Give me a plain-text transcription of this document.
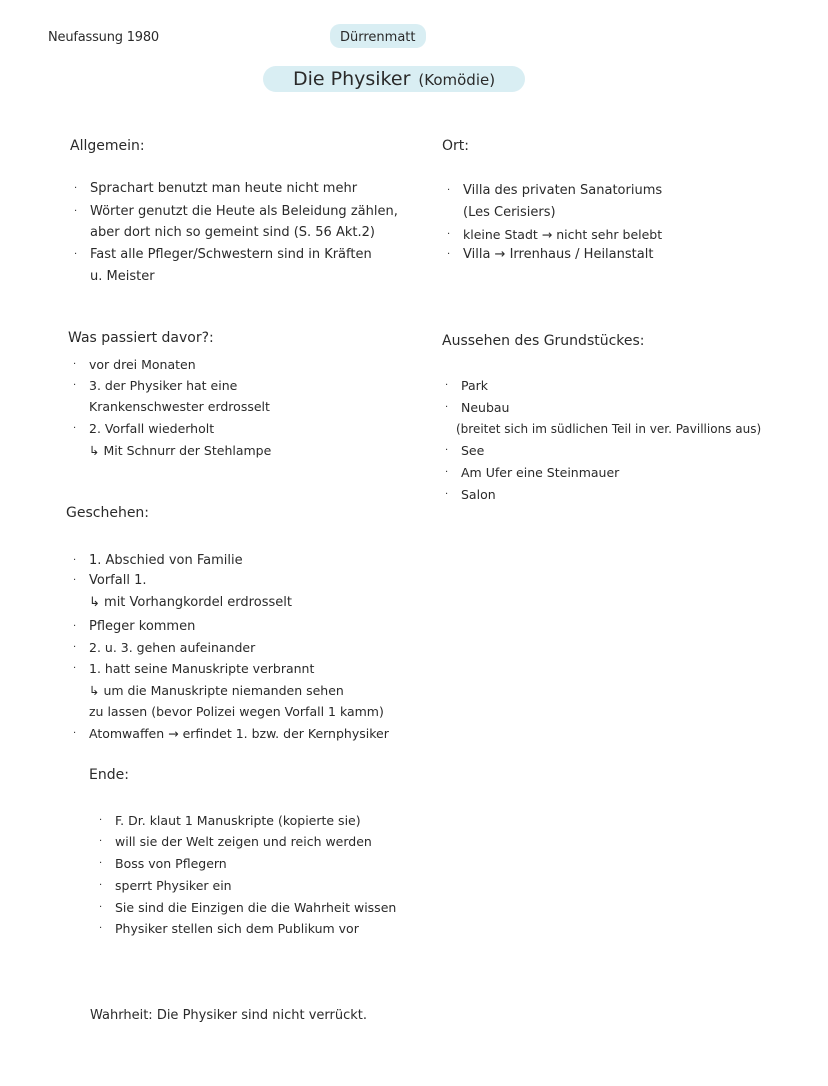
Neufassung 1980	Dürrenmatt
Die Physiker (Komödie)
Allgemein:
· Sprachart benutzt man heute nicht mehr
· Wörter genutzt die Heute als Beleidung zählen,
aber dort nich so gemeint sind (S. 56 Akt.2)
· Fast alle Pfleger/Schwestern sind in Kräften
u. Meister
Ort:
· Villa des privaten Sanatoriums
(Les Cerisiers)
· kleine Stadt → nicht sehr belebt
· Villa → Irrenhaus / Heilanstalt
Was passiert davor?:
· vor drei Monaten
· 3. der Physiker hat eine
Krankenschwester erdrosselt
· 2. Vorfall wiederholt
↳ Mit Schnurr der Stehlampe
Aussehen des Grundstückes:
· Park
· Neubau
(breitet sich im südlichen Teil in ver. Pavillions aus)
· See
· Am Ufer eine Steinmauer
· Salon
Geschehen:
· 1. Abschied von Familie
· Vorfall 1.
↳ mit Vorhangkordel erdrosselt
· Pfleger kommen
· 2. u. 3. gehen aufeinander
· 1. hatt seine Manuskripte verbrannt
↳ um die Manuskripte niemanden sehen
zu lassen (bevor Polizei wegen Vorfall 1 kamm)
· Atomwaffen → erfindet 1. bzw. der Kernphysiker
Ende:
· F. Dr. klaut 1 Manuskripte (kopierte sie)
· will sie der Welt zeigen und reich werden
· Boss von Pflegern
· sperrt Physiker ein
· Sie sind die Einzigen die die Wahrheit wissen
· Physiker stellen sich dem Publikum vor
Wahrheit: Die Physiker sind nicht verrückt.
